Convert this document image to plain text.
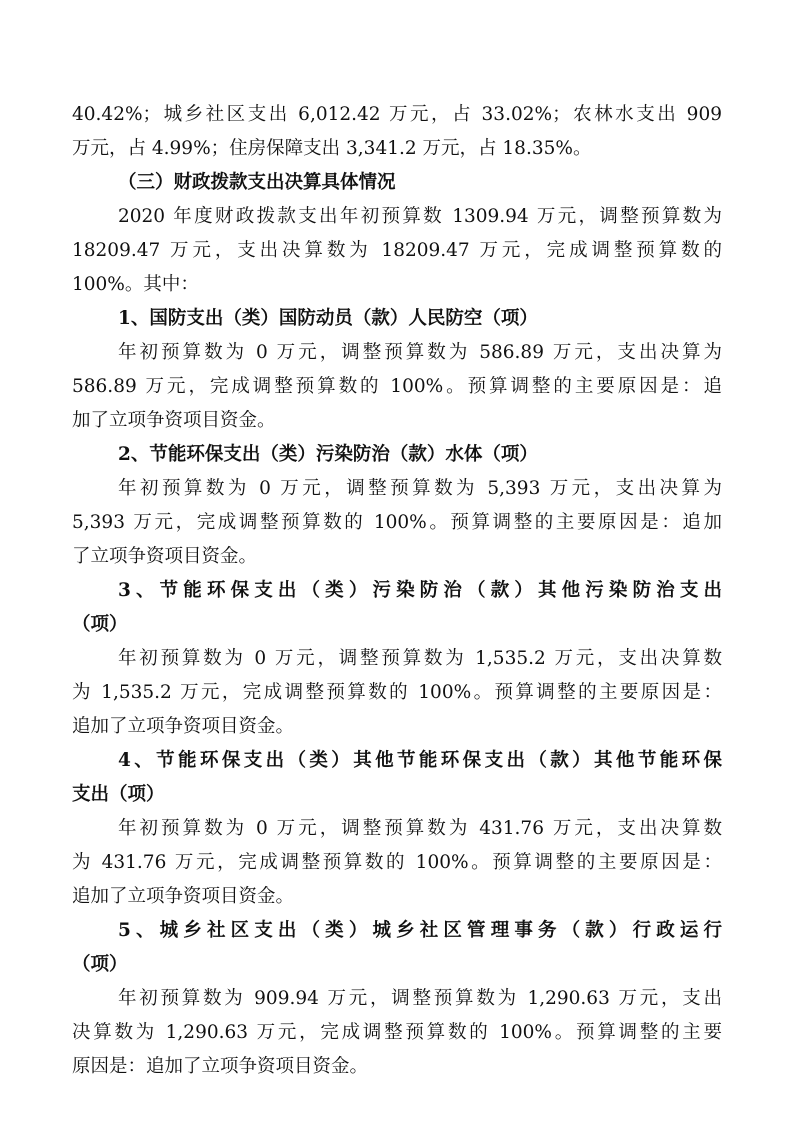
40.42%；城乡社区支出 6,012.42 万元，占 33.02%；农林水支出 909
万元，占 4.99%；住房保障支出 3,341.2 万元，占 18.35%。
（三）财政拨款支出决算具体情况
2020 年度财政拨款支出年初预算数 1309.94 万元，调整预算数为
18209.47 万元，支出决算数为 18209.47 万元，完成调整预算数的
100%。其中：
1、国防支出（类）国防动员（款）人民防空（项）
年初预算数为 0 万元，调整预算数为 586.89 万元，支出决算为
586.89 万元，完成调整预算数的 100%。预算调整的主要原因是：追
加了立项争资项目资金。
2、节能环保支出（类）污染防治（款）水体（项）
年初预算数为 0 万元，调整预算数为 5,393 万元，支出决算为
5,393 万元，完成调整预算数的 100%。预算调整的主要原因是：追加
了立项争资项目资金。
3、节能环保支出（类）污染防治（款）其他污染防治支出
（项）
年初预算数为 0 万元，调整预算数为 1,535.2 万元，支出决算数
为 1,535.2 万元，完成调整预算数的 100%。预算调整的主要原因是：
追加了立项争资项目资金。
4、节能环保支出（类）其他节能环保支出（款）其他节能环保
支出（项）
年初预算数为 0 万元，调整预算数为 431.76 万元，支出决算数
为 431.76 万元，完成调整预算数的 100%。预算调整的主要原因是：
追加了立项争资项目资金。
5、城乡社区支出（类）城乡社区管理事务（款）行政运行
（项）
年初预算数为 909.94 万元，调整预算数为 1,290.63 万元，支出
决算数为 1,290.63 万元，完成调整预算数的 100%。预算调整的主要
原因是：追加了立项争资项目资金。
